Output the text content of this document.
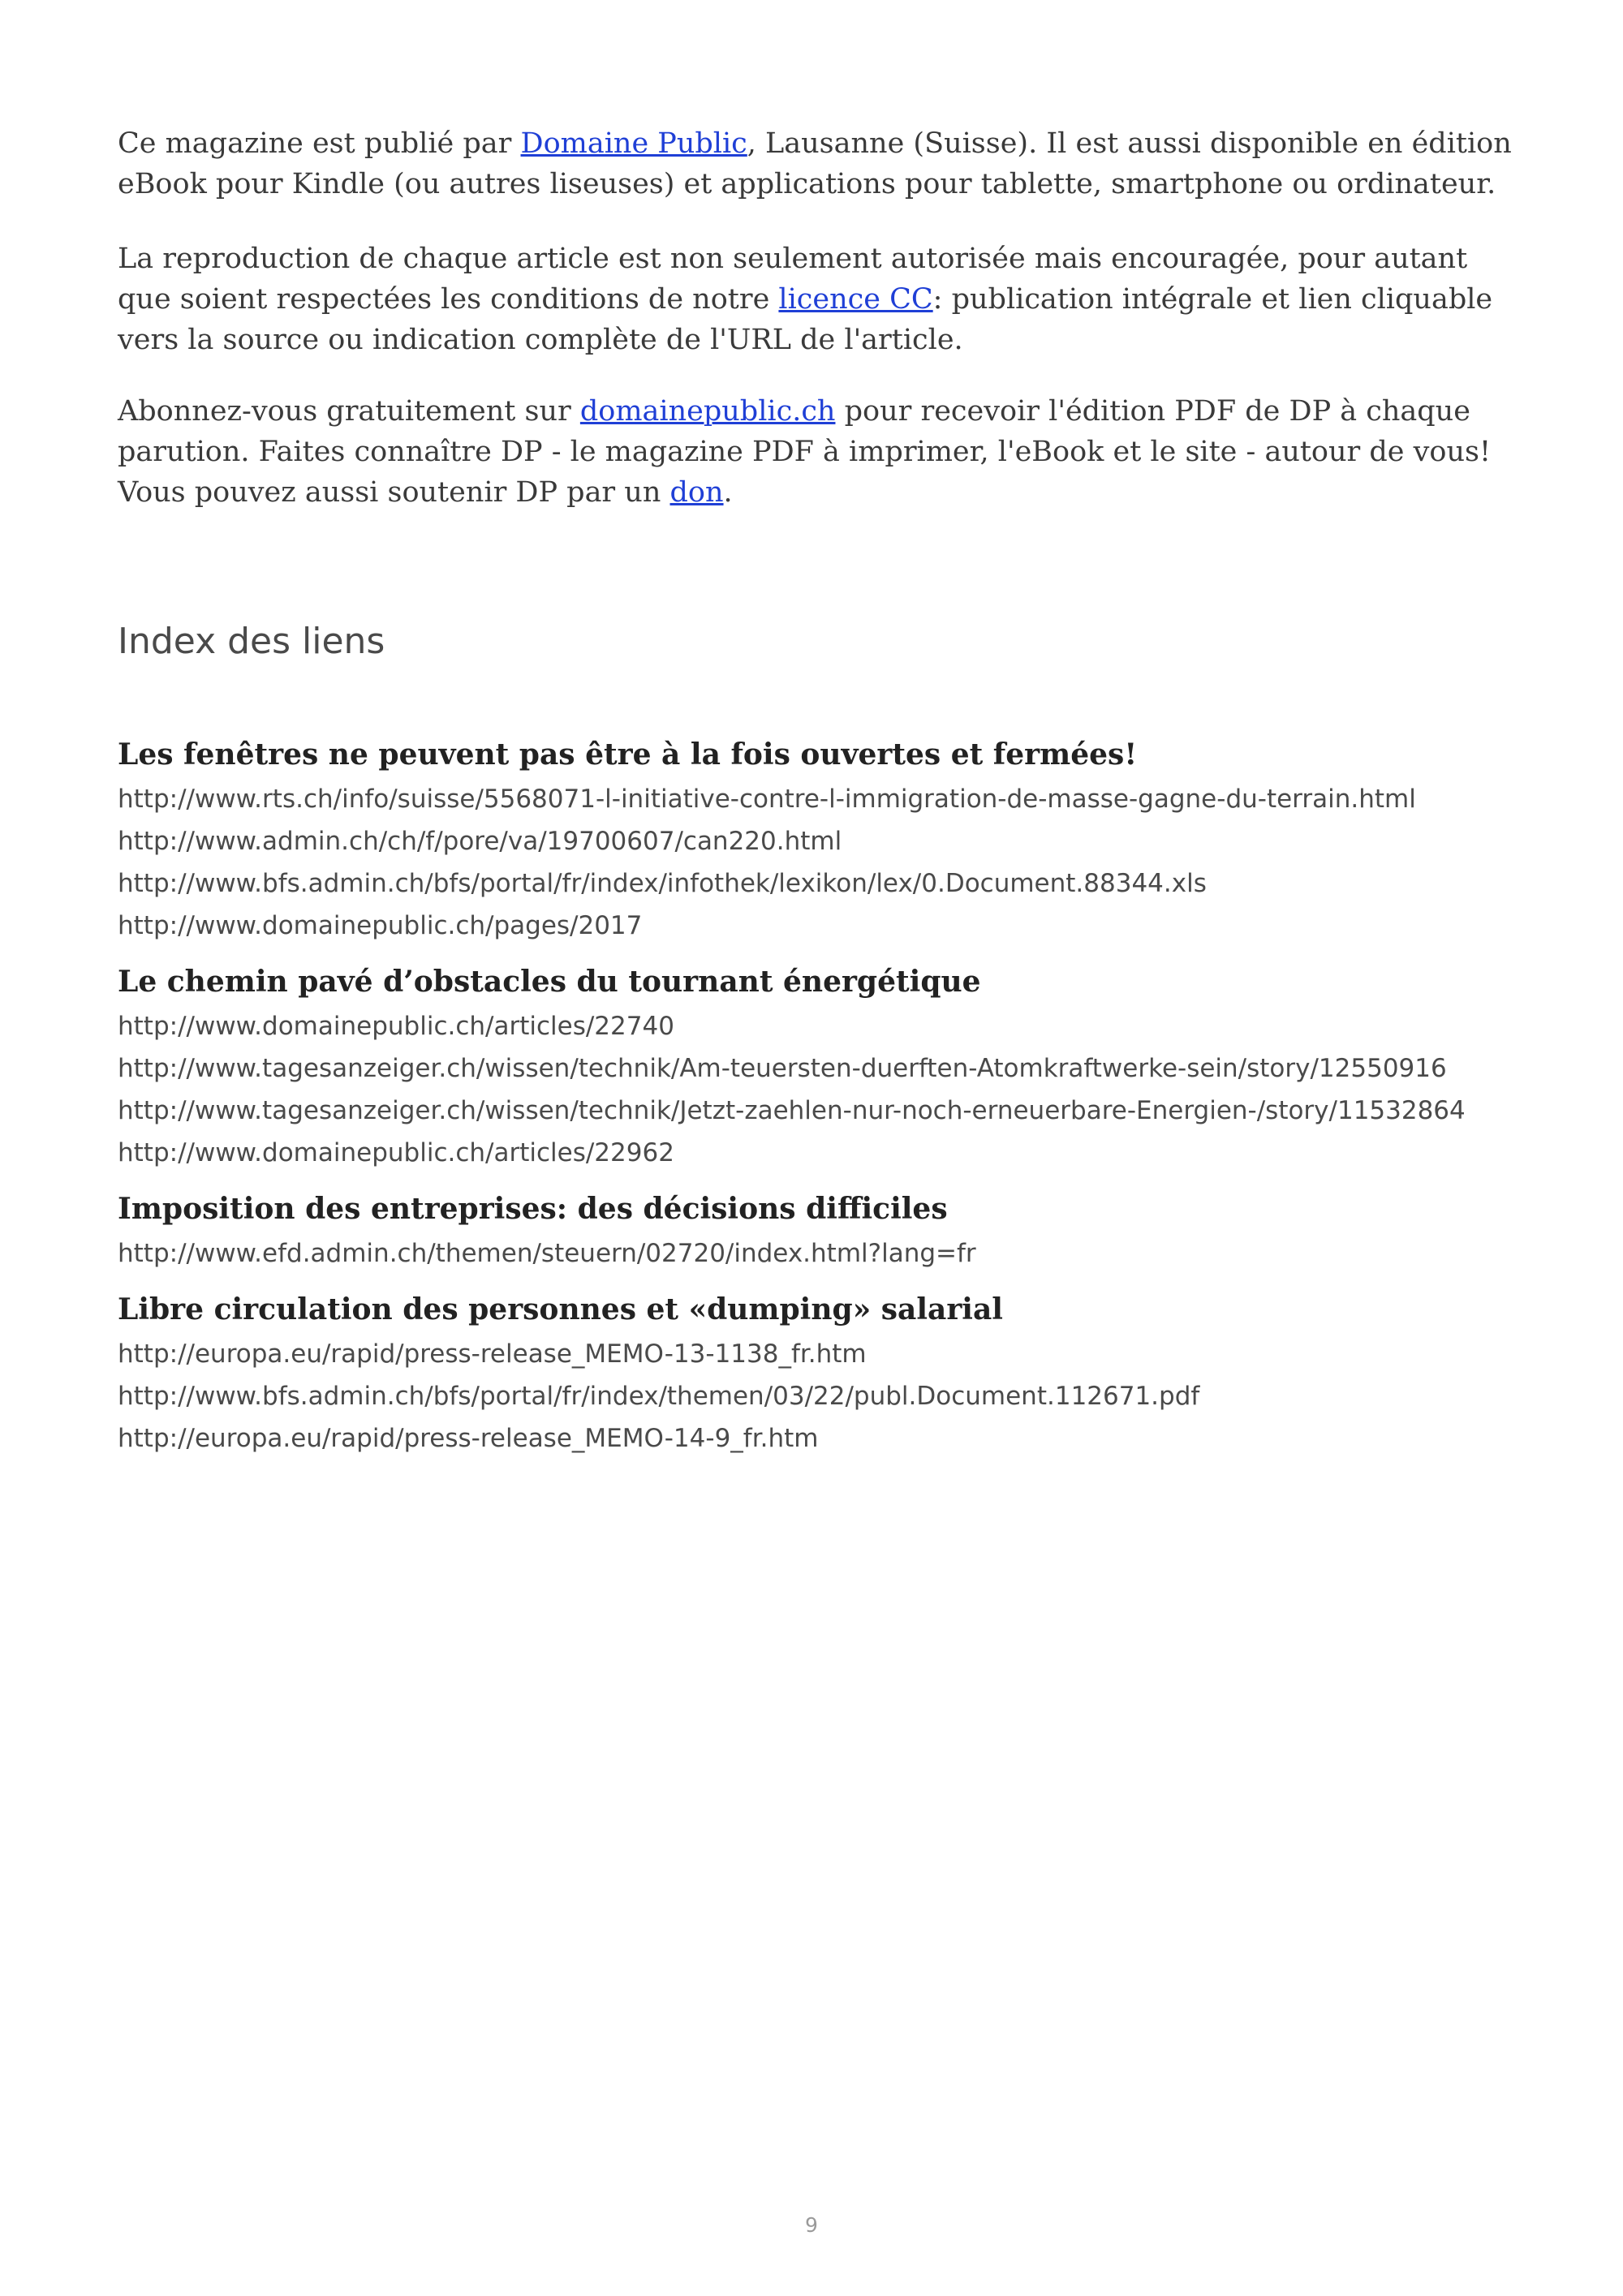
Ce magazine est publié par Domaine Public, Lausanne (Suisse). Il est aussi disponible en édition eBook pour Kindle (ou autres liseuses) et applications pour tablette, smartphone ou ordinateur.

La reproduction de chaque article est non seulement autorisée mais encouragée, pour autant que soient respectées les conditions de notre licence CC: publication intégrale et lien cliquable vers la source ou indication complète de l'URL de l'article.

Abonnez-vous gratuitement sur domainepublic.ch pour recevoir l'édition PDF de DP à chaque parution. Faites connaître DP - le magazine PDF à imprimer, l'eBook et le site - autour de vous! Vous pouvez aussi soutenir DP par un don.

Index des liens
Les fenêtres ne peuvent pas être à la fois ouvertes et fermées!
http://www.rts.ch/info/suisse/5568071-l-initiative-contre-l-immigration-de-masse-gagne-du-terrain.html
http://www.admin.ch/ch/f/pore/va/19700607/can220.html
http://www.bfs.admin.ch/bfs/portal/fr/index/infothek/lexikon/lex/0.Document.88344.xls
http://www.domainepublic.ch/pages/2017
Le chemin pavé d’obstacles du tournant énergétique
http://www.domainepublic.ch/articles/22740
http://www.tagesanzeiger.ch/wissen/technik/Am-teuersten-duerften-Atomkraftwerke-sein/story/12550916
http://www.tagesanzeiger.ch/wissen/technik/Jetzt-zaehlen-nur-noch-erneuerbare-Energien-/story/11532864
http://www.domainepublic.ch/articles/22962
Imposition des entreprises: des décisions difficiles
http://www.efd.admin.ch/themen/steuern/02720/index.html?lang=fr
Libre circulation des personnes et «dumping» salarial
http://europa.eu/rapid/press-release_MEMO-13-1138_fr.htm
http://www.bfs.admin.ch/bfs/portal/fr/index/themen/03/22/publ.Document.112671.pdf
http://europa.eu/rapid/press-release_MEMO-14-9_fr.htm
9
